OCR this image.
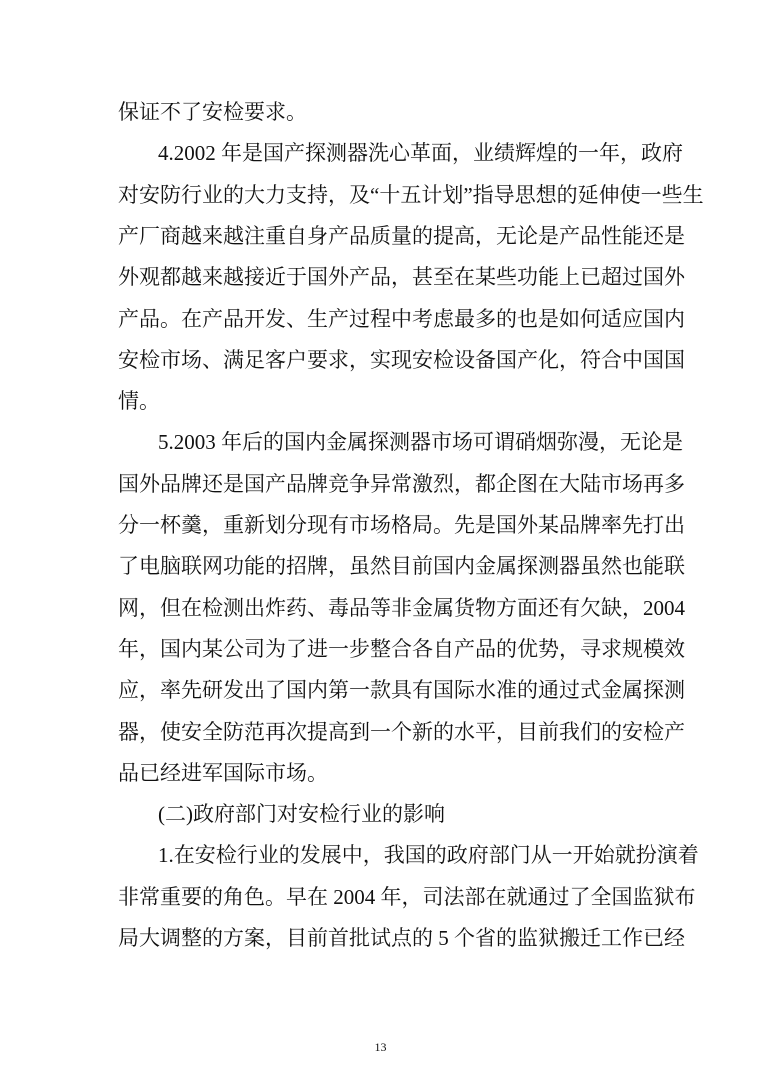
保证不了安检要求。
4.2002 年是国产探测器洗心革面，业绩辉煌的一年，政府
对安防行业的大力支持，及“十五计划”指导思想的延伸使一些生
产厂商越来越注重自身产品质量的提高，无论是产品性能还是
外观都越来越接近于国外产品，甚至在某些功能上已超过国外
产品。在产品开发、生产过程中考虑最多的也是如何适应国内
安检市场、满足客户要求，实现安检设备国产化，符合中国国
情。
5.2003 年后的国内金属探测器市场可谓硝烟弥漫，无论是
国外品牌还是国产品牌竞争异常激烈，都企图在大陆市场再多
分一杯羹，重新划分现有市场格局。先是国外某品牌率先打出
了电脑联网功能的招牌，虽然目前国内金属探测器虽然也能联
网，但在检测出炸药、毒品等非金属货物方面还有欠缺，2004
年，国内某公司为了进一步整合各自产品的优势，寻求规模效
应，率先研发出了国内第一款具有国际水准的通过式金属探测
器，使安全防范再次提高到一个新的水平，目前我们的安检产
品已经进军国际市场。
(二)政府部门对安检行业的影响
1.在安检行业的发展中，我国的政府部门从一开始就扮演着
非常重要的角色。早在 2004 年，司法部在就通过了全国监狱布
局大调整的方案，目前首批试点的 5 个省的监狱搬迁工作已经
13
